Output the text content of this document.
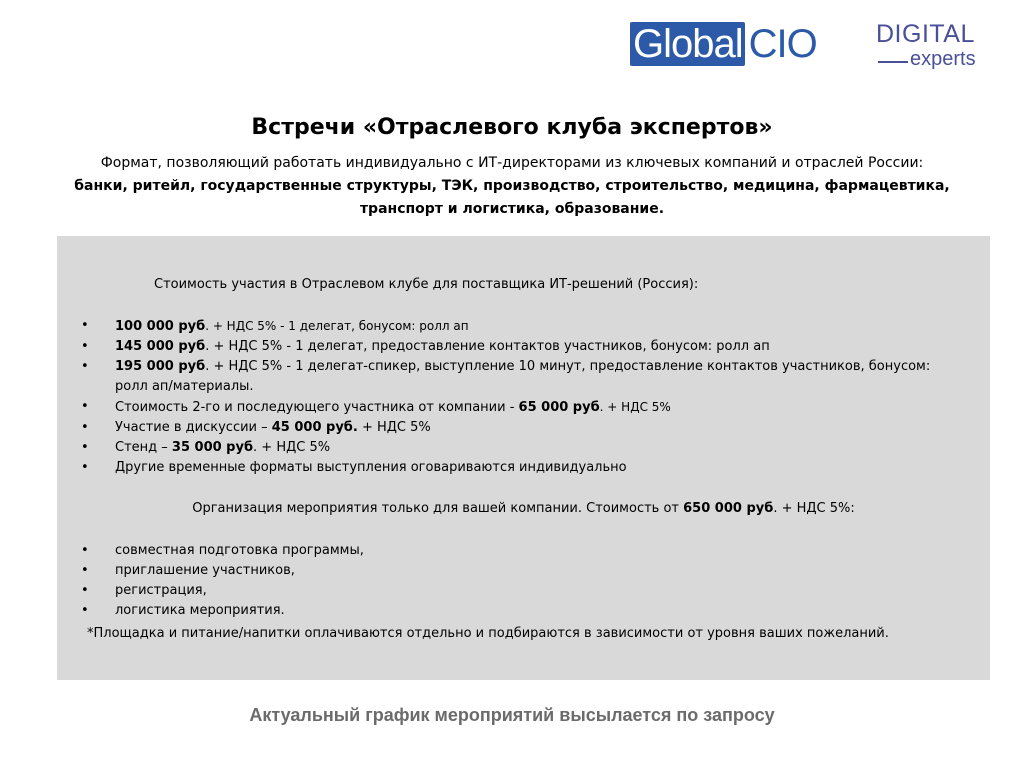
Global CIO DIGITAL
experts
Встречи «Отраслевого клуба экспертов»
Формат, позволяющий работать индивидуально с ИТ-директорами из ключевых компаний и отраслей России:
банки, ритейл, государственные структуры, ТЭК, производство, строительство, медицина, фармацевтика,
транспорт и логистика, образование.
Стоимость участия в Отраслевом клубе для поставщика ИТ-решений (Россия):
• 100 000 руб. + НДС 5% - 1 делегат, бонусом: ролл ап
• 145 000 руб. + НДС 5% - 1 делегат, предоставление контактов участников, бонусом: ролл ап
• 195 000 руб. + НДС 5% - 1 делегат-спикер, выступление 10 минут, предоставление контактов участников, бонусом:
ролл ап/материалы.
• Стоимость 2-го и последующего участника от компании - 65 000 руб. + НДС 5%
• Участие в дискуссии – 45 000 руб. + НДС 5%
• Стенд – 35 000 руб. + НДС 5%
• Другие временные форматы выступления оговариваются индивидуально
Организация мероприятия только для вашей компании. Стоимость от 650 000 руб. + НДС 5%:
• совместная подготовка программы,
• приглашение участников,
• регистрация,
• логистика мероприятия.
*Площадка и питание/напитки оплачиваются отдельно и подбираются в зависимости от уровня ваших пожеланий.
Актуальный график мероприятий высылается по запросу
